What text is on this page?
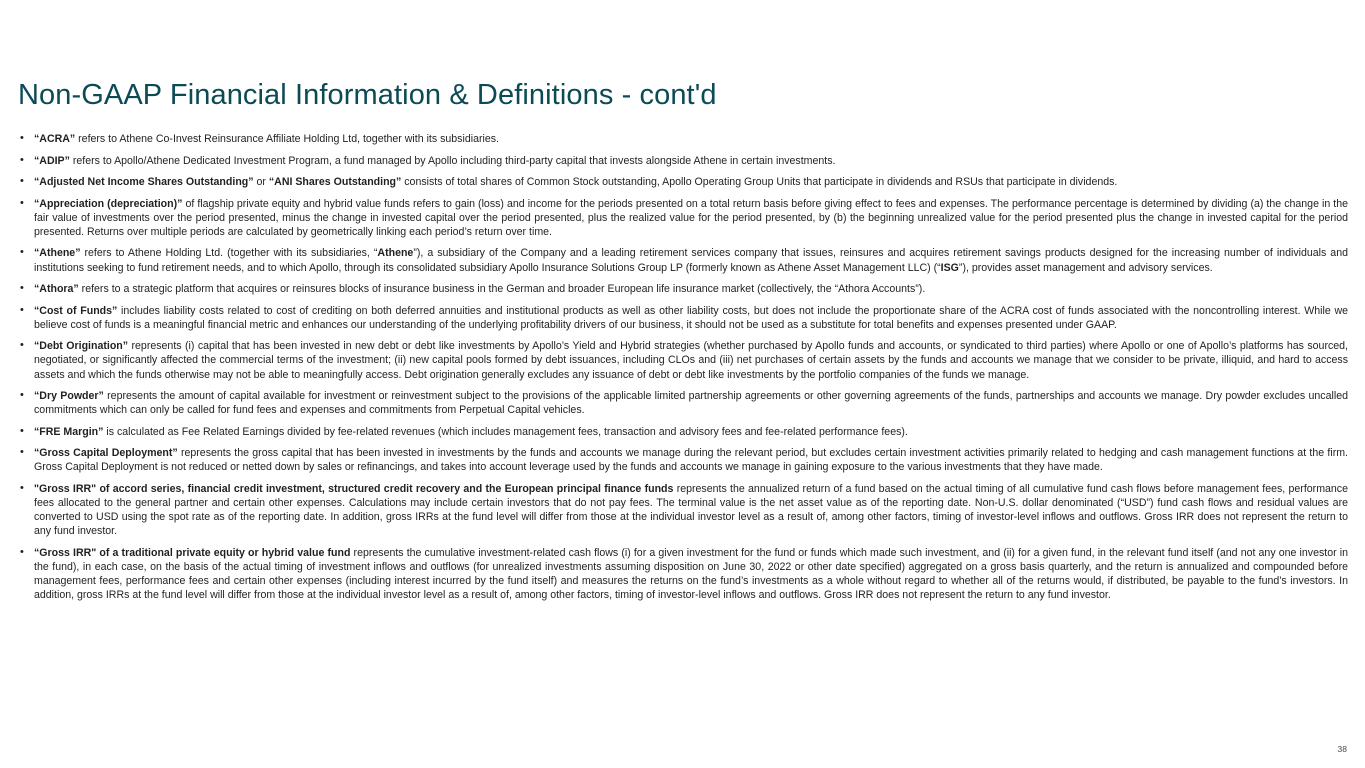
Non-GAAP Financial Information & Definitions - cont'd
• “ACRA” refers to Athene Co-Invest Reinsurance Affiliate Holding Ltd, together with its subsidiaries.
• “ADIP” refers to Apollo/Athene Dedicated Investment Program, a fund managed by Apollo including third-party capital that invests alongside Athene in certain investments.
• “Adjusted Net Income Shares Outstanding” or “ANI Shares Outstanding” consists of total shares of Common Stock outstanding, Apollo Operating Group Units that participate in dividends and RSUs that participate in dividends.
• “Appreciation (depreciation)” of flagship private equity and hybrid value funds refers to gain (loss) and income for the periods presented on a total return basis before giving effect to fees and expenses. The performance percentage is determined by dividing (a) the change in the fair value of investments over the period presented, minus the change in invested capital over the period presented, plus the realized value for the period presented, by (b) the beginning unrealized value for the period presented plus the change in invested capital for the period presented. Returns over multiple periods are calculated by geometrically linking each period’s return over time.
• “Athene” refers to Athene Holding Ltd. (together with its subsidiaries, “Athene”), a subsidiary of the Company and a leading retirement services company that issues, reinsures and acquires retirement savings products designed for the increasing number of individuals and institutions seeking to fund retirement needs, and to which Apollo, through its consolidated subsidiary Apollo Insurance Solutions Group LP (formerly known as Athene Asset Management LLC) (“ISG”), provides asset management and advisory services.
• “Athora” refers to a strategic platform that acquires or reinsures blocks of insurance business in the German and broader European life insurance market (collectively, the “Athora Accounts”).
• “Cost of Funds” includes liability costs related to cost of crediting on both deferred annuities and institutional products as well as other liability costs, but does not include the proportionate share of the ACRA cost of funds associated with the noncontrolling interest. While we believe cost of funds is a meaningful financial metric and enhances our understanding of the underlying profitability drivers of our business, it should not be used as a substitute for total benefits and expenses presented under GAAP.
• “Debt Origination” represents (i) capital that has been invested in new debt or debt like investments by Apollo’s Yield and Hybrid strategies (whether purchased by Apollo funds and accounts, or syndicated to third parties) where Apollo or one of Apollo’s platforms has sourced, negotiated, or significantly affected the commercial terms of the investment; (ii) new capital pools formed by debt issuances, including CLOs and (iii) net purchases of certain assets by the funds and accounts we manage that we consider to be private, illiquid, and hard to access assets and which the funds otherwise may not be able to meaningfully access. Debt origination generally excludes any issuance of debt or debt like investments by the portfolio companies of the funds we manage.
• “Dry Powder” represents the amount of capital available for investment or reinvestment subject to the provisions of the applicable limited partnership agreements or other governing agreements of the funds, partnerships and accounts we manage. Dry powder excludes uncalled commitments which can only be called for fund fees and expenses and commitments from Perpetual Capital vehicles.
• “FRE Margin” is calculated as Fee Related Earnings divided by fee-related revenues (which includes management fees, transaction and advisory fees and fee-related performance fees).
• “Gross Capital Deployment” represents the gross capital that has been invested in investments by the funds and accounts we manage during the relevant period, but excludes certain investment activities primarily related to hedging and cash management functions at the firm. Gross Capital Deployment is not reduced or netted down by sales or refinancings, and takes into account leverage used by the funds and accounts we manage in gaining exposure to the various investments that they have made.
• "Gross IRR" of accord series, financial credit investment, structured credit recovery and the European principal finance funds represents the annualized return of a fund based on the actual timing of all cumulative fund cash flows before management fees, performance fees allocated to the general partner and certain other expenses. Calculations may include certain investors that do not pay fees. The terminal value is the net asset value as of the reporting date. Non-U.S. dollar denominated (“USD”) fund cash flows and residual values are converted to USD using the spot rate as of the reporting date. In addition, gross IRRs at the fund level will differ from those at the individual investor level as a result of, among other factors, timing of investor-level inflows and outflows. Gross IRR does not represent the return to any fund investor.
• “Gross IRR" of a traditional private equity or hybrid value fund represents the cumulative investment-related cash flows (i) for a given investment for the fund or funds which made such investment, and (ii) for a given fund, in the relevant fund itself (and not any one investor in the fund), in each case, on the basis of the actual timing of investment inflows and outflows (for unrealized investments assuming disposition on June 30, 2022 or other date specified) aggregated on a gross basis quarterly, and the return is annualized and compounded before management fees, performance fees and certain other expenses (including interest incurred by the fund itself) and measures the returns on the fund’s investments as a whole without regard to whether all of the returns would, if distributed, be payable to the fund’s investors. In addition, gross IRRs at the fund level will differ from those at the individual investor level as a result of, among other factors, timing of investor-level inflows and outflows. Gross IRR does not represent the return to any fund investor.
38
